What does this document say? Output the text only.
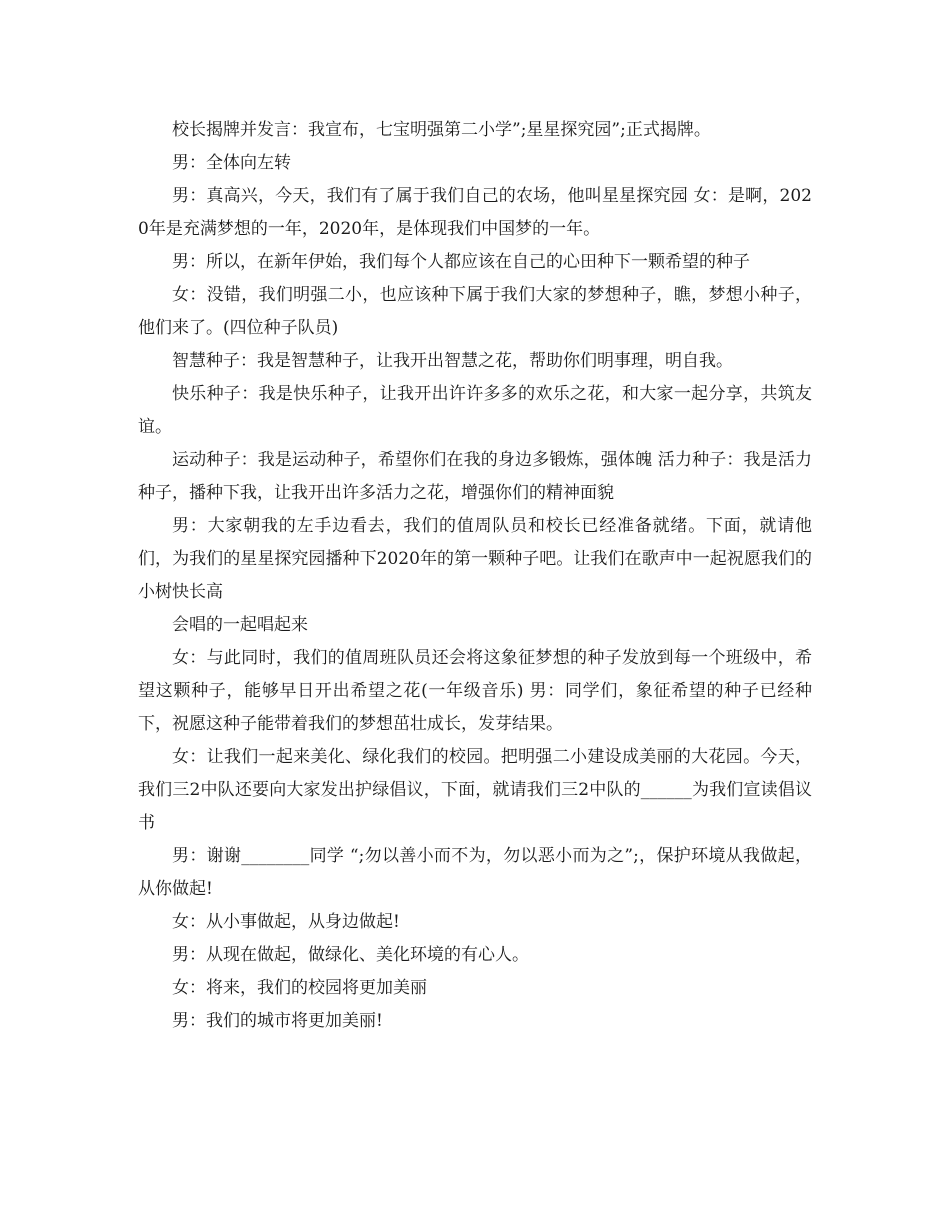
校长揭牌并发言：我宣布，七宝明强第二小学”;星星探究园”;正式揭牌。

男：全体向左转

男：真高兴，今天，我们有了属于我们自己的农场，他叫星星探究园 女：是啊，2020年是充满梦想的一年，2020年，是体现我们中国梦的一年。

男：所以，在新年伊始，我们每个人都应该在自己的心田种下一颗希望的种子

女：没错，我们明强二小，也应该种下属于我们大家的梦想种子，瞧，梦想小种子，他们来了。(四位种子队员)

智慧种子：我是智慧种子，让我开出智慧之花，帮助你们明事理，明自我。

快乐种子：我是快乐种子，让我开出许许多多的欢乐之花，和大家一起分享，共筑友谊。

运动种子：我是运动种子，希望你们在我的身边多锻炼，强体魄 活力种子：我是活力种子，播种下我，让我开出许多活力之花，增强你们的精神面貌

男：大家朝我的左手边看去，我们的值周队员和校长已经准备就绪。下面，就请他们，为我们的星星探究园播种下2020年的第一颗种子吧。让我们在歌声中一起祝愿我们的小树快长高

会唱的一起唱起来

女：与此同时，我们的值周班队员还会将这象征梦想的种子发放到每一个班级中，希望这颗种子，能够早日开出希望之花(一年级音乐) 男：同学们，象征希望的种子已经种下，祝愿这种子能带着我们的梦想茁壮成长，发芽结果。

女：让我们一起来美化、绿化我们的校园。把明强二小建设成美丽的大花园。今天，我们三2中队还要向大家发出护绿倡议，下面，就请我们三2中队的______为我们宣读倡议书

男：谢谢________同学 “;勿以善小而不为，勿以恶小而为之”;，保护环境从我做起，从你做起!

女：从小事做起，从身边做起!

男：从现在做起，做绿化、美化环境的有心人。

女：将来，我们的校园将更加美丽

男：我们的城市将更加美丽!
